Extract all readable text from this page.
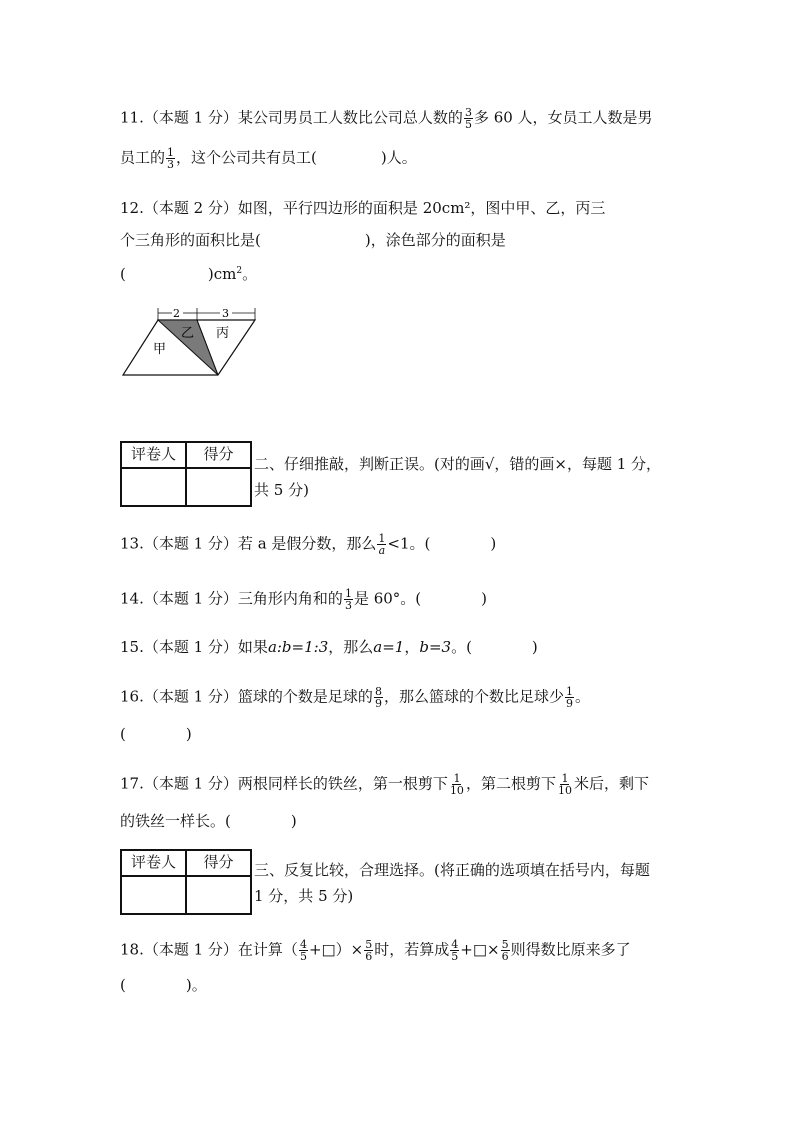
11.（本题 1 分）某公司男员工人数比公司总人数的 $\frac{3}{5}$ 多 60 人，女员工人数是男
员工的 $\frac{1}{3}$ ，这个公司共有员工(	)人。
12.（本题 2 分）如图，平行四边形的面积是 20cm²，图中甲、乙，丙三
个三角形的面积比是(	)，涂色部分的面积是
(	)$cm^2$。
2	3
甲
乙 丙
评卷人	得分

二、仔细推敲，判断正误。(对的画√，错的画×，每题 1 分，
共 5 分)
13.（本题 1 分）若 a 是假分数，那么 $\frac{1}{a} <1$。(	)
14.（本题 1 分）三角形内角和的 $\frac{1}{3}$ 是 60°。(	)
15.（本题 1 分）如果a:b=1:3，那么a=1，b=3。(	)
16.（本题 1 分）篮球的个数是足球的 $\frac{8}{9}$ ，那么篮球的个数比足球少 $\frac{1}{9}$ 。
(	)
17.（本题 1 分）两根同样长的铁丝，第一根剪下 $\frac{1}{10}$ ，第二根剪下 $\frac{1}{10}$ 米后，剩下
的铁丝一样长。(	)
评卷人	得分
	三、反复比较，合理选择。(将正确的选项填在括号内，每题
1 分，共 5 分)
18.（本题 1 分）在计算（ $\frac{4}{5}$ +□）× $\frac{5}{6}$ 时，若算成 $\frac{4}{5}$ +□× $\frac{5}{6}$ 则得数比原来多了
(	)。
